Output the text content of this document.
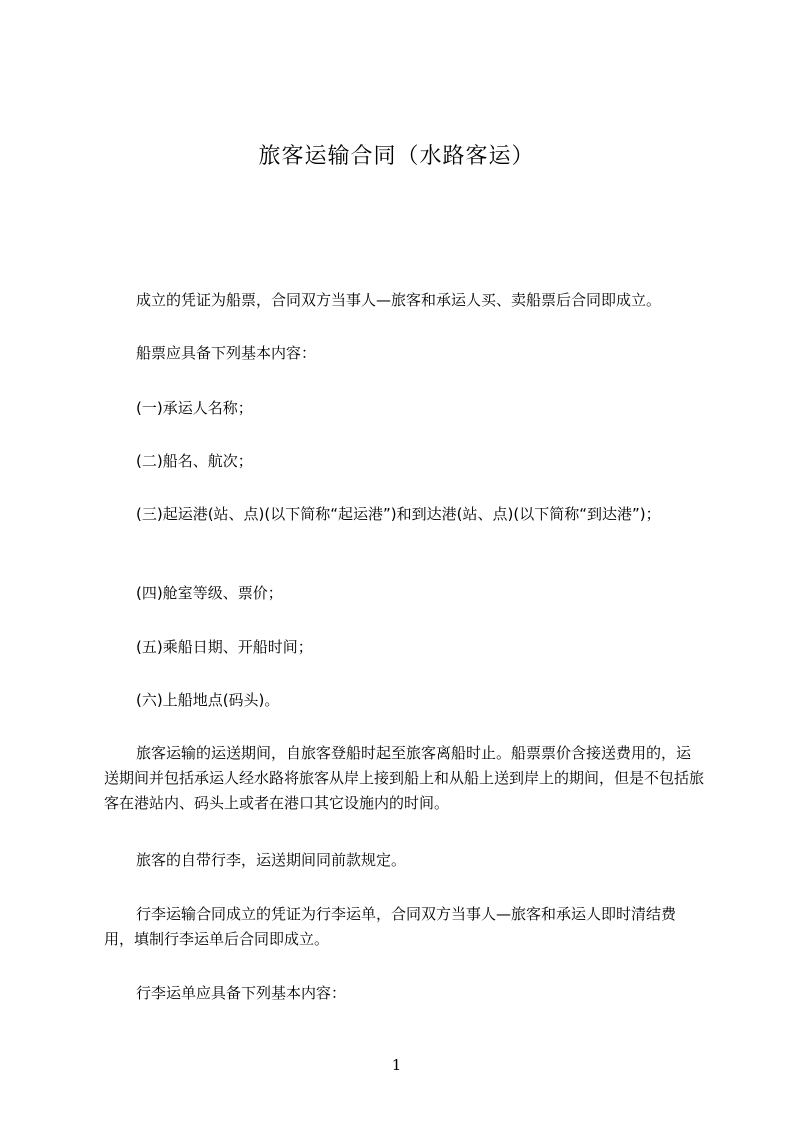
旅客运输合同（水路客运）

成立的凭证为船票，合同双方当事人—旅客和承运人买、卖船票后合同即成立。

船票应具备下列基本内容：

(一)承运人名称；

(二)船名、航次；

(三)起运港(站、点)(以下简称“起运港”)和到达港(站、点)(以下简称“到达港”)；

(四)舱室等级、票价；

(五)乘船日期、开船时间；

(六)上船地点(码头)。

旅客运输的运送期间，自旅客登船时起至旅客离船时止。船票票价含接送费用的，运送期间并包括承运人经水路将旅客从岸上接到船上和从船上送到岸上的期间，但是不包括旅客在港站内、码头上或者在港口其它设施内的时间。

旅客的自带行李，运送期间同前款规定。

行李运输合同成立的凭证为行李运单，合同双方当事人—旅客和承运人即时清结费用，填制行李运单后合同即成立。

行李运单应具备下列基本内容：

1
